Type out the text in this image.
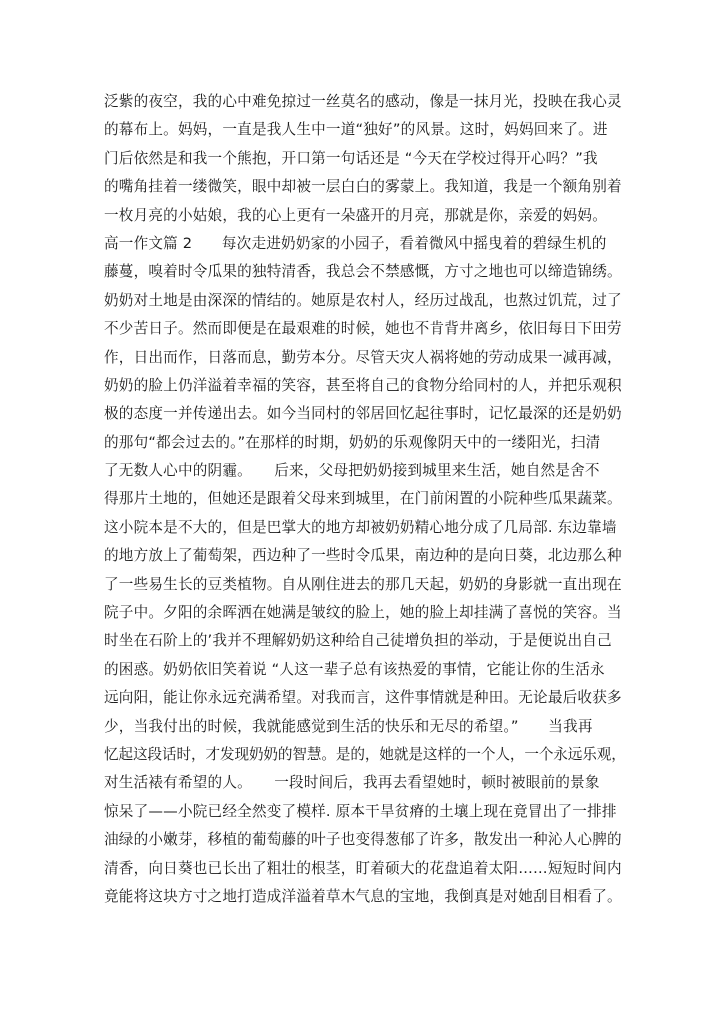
泛紫的夜空，我的心中难免掠过一丝莫名的感动，像是一抹月光，投映在我心灵
的幕布上。妈妈，一直是我人生中一道“独好”的风景。这时，妈妈回来了。进
门后依然是和我一个熊抱，开口第一句话还是 “今天在学校过得开心吗？”我
的嘴角挂着一缕微笑，眼中却被一层白白的雾蒙上。我知道，我是一个额角别着
一枚月亮的小姑娘，我的心上更有一朵盛开的月亮，那就是你，亲爱的妈妈。
高一作文篇 2　　每次走进奶奶家的小园子，看着微风中摇曳着的碧绿生机的
藤蔓，嗅着时令瓜果的独特清香，我总会不禁感慨，方寸之地也可以缔造锦绣。
奶奶对土地是由深深的情结的。她原是农村人，经历过战乱，也熬过饥荒，过了
不少苦日子。然而即便是在最艰难的时候，她也不肯背井离乡，依旧每日下田劳
作，日出而作，日落而息，勤劳本分。尽管天灾人祸将她的劳动成果一减再减，
奶奶的脸上仍洋溢着幸福的笑容，甚至将自己的食物分给同村的人，并把乐观积
极的态度一并传递出去。如今当同村的邻居回忆起往事时，记忆最深的还是奶奶
的那句“都会过去的。”在那样的时期，奶奶的乐观像阴天中的一缕阳光，扫清
了无数人心中的阴霾。　　后来，父母把奶奶接到城里来生活，她自然是舍不
得那片土地的，但她还是跟着父母来到城里，在门前闲置的小院种些瓜果蔬菜。
这小院本是不大的，但是巴掌大的地方却被奶奶精心地分成了几局部. 东边靠墙
的地方放上了葡萄架，西边种了一些时令瓜果，南边种的是向日葵，北边那么种
了一些易生长的豆类植物。自从刚住进去的那几天起，奶奶的身影就一直出现在
院子中。夕阳的余晖洒在她满是皱纹的脸上，她的脸上却挂满了喜悦的笑容。当
时坐在石阶上的’我并不理解奶奶这种给自己徒增负担的举动，于是便说出自己
的困惑。奶奶依旧笑着说 “人这一辈子总有该热爱的事情，它能让你的生活永
远向阳，能让你永远充满希望。对我而言，这件事情就是种田。无论最后收获多
少，当我付出的时候，我就能感觉到生活的快乐和无尽的希望。”　　当我再
忆起这段话时，才发现奶奶的智慧。是的，她就是这样的一个人，一个永远乐观，
对生活裱有希望的人。　　一段时间后，我再去看望她时，顿时被眼前的景象
惊呆了——小院已经全然变了模样. 原本干旱贫瘠的土壤上现在竟冒出了一排排
油绿的小嫩芽，移植的葡萄藤的叶子也变得葱郁了许多，散发出一种沁人心脾的
清香，向日葵也已长出了粗壮的根茎，盯着硕大的花盘追着太阳……短短时间内
竟能将这块方寸之地打造成洋溢着草木气息的宝地，我倒真是对她刮目相看了。
